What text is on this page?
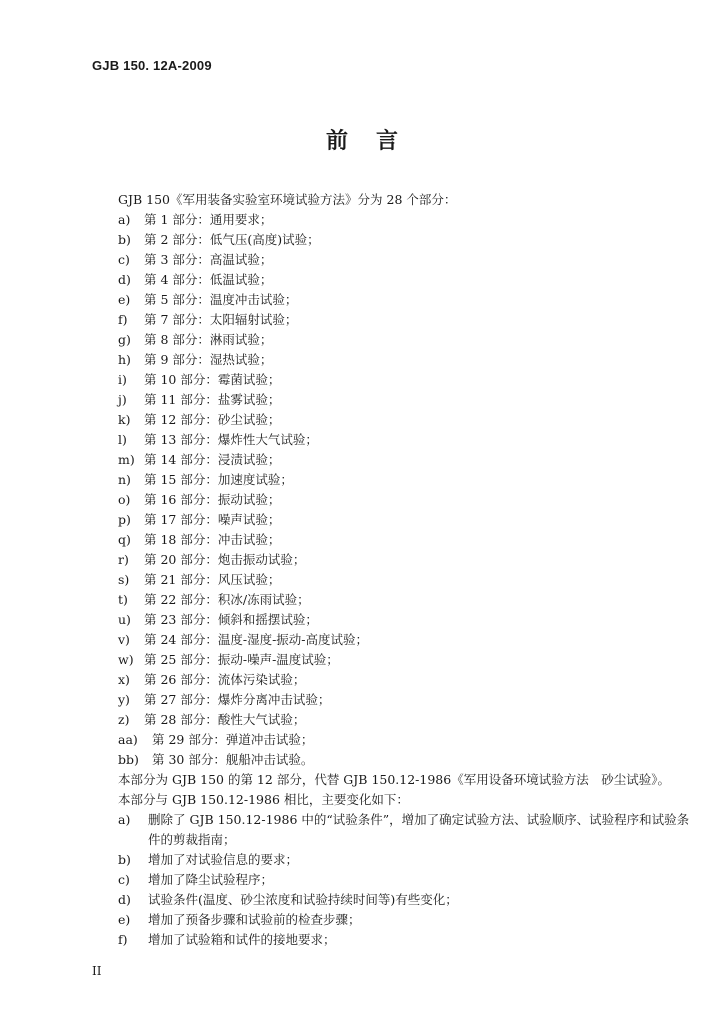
GJB 150. 12A-2009
前言
GJB 150《军用装备实验室环境试验方法》分为 28 个部分：
a) 第 1 部分：通用要求；
b) 第 2 部分：低气压(高度)试验；
c) 第 3 部分：高温试验；
d) 第 4 部分：低温试验；
e) 第 5 部分：温度冲击试验；
f) 第 7 部分：太阳辐射试验；
g) 第 8 部分：淋雨试验；
h) 第 9 部分：湿热试验；
i) 第 10 部分：霉菌试验；
j) 第 11 部分：盐雾试验；
k) 第 12 部分：砂尘试验；
l) 第 13 部分：爆炸性大气试验；
m) 第 14 部分：浸渍试验；
n) 第 15 部分：加速度试验；
o) 第 16 部分：振动试验；
p) 第 17 部分：噪声试验；
q) 第 18 部分：冲击试验；
r) 第 20 部分：炮击振动试验；
s) 第 21 部分：风压试验；
t) 第 22 部分：积冰/冻雨试验；
u) 第 23 部分：倾斜和摇摆试验；
v) 第 24 部分：温度-湿度-振动-高度试验；
w) 第 25 部分：振动-噪声-温度试验；
x) 第 26 部分：流体污染试验；
y) 第 27 部分：爆炸分离冲击试验；
z) 第 28 部分：酸性大气试验；
aa) 第 29 部分：弹道冲击试验；
bb) 第 30 部分：舰船冲击试验。

本部分为 GJB 150 的第 12 部分，代替 GJB 150.12-1986《军用设备环境试验方法　砂尘试验》。

本部分与 GJB 150.12-1986 相比，主要变化如下：

a) 删除了 GJB 150.12-1986 中的“试验条件”，增加了确定试验方法、试验顺序、试验程序和试验条件的剪裁指南；
b) 增加了对试验信息的要求；
c) 增加了降尘试验程序；
d) 试验条件(温度、砂尘浓度和试验持续时间等)有些变化；
e) 增加了预备步骤和试验前的检查步骤；
f) 增加了试验箱和试件的接地要求；
II
